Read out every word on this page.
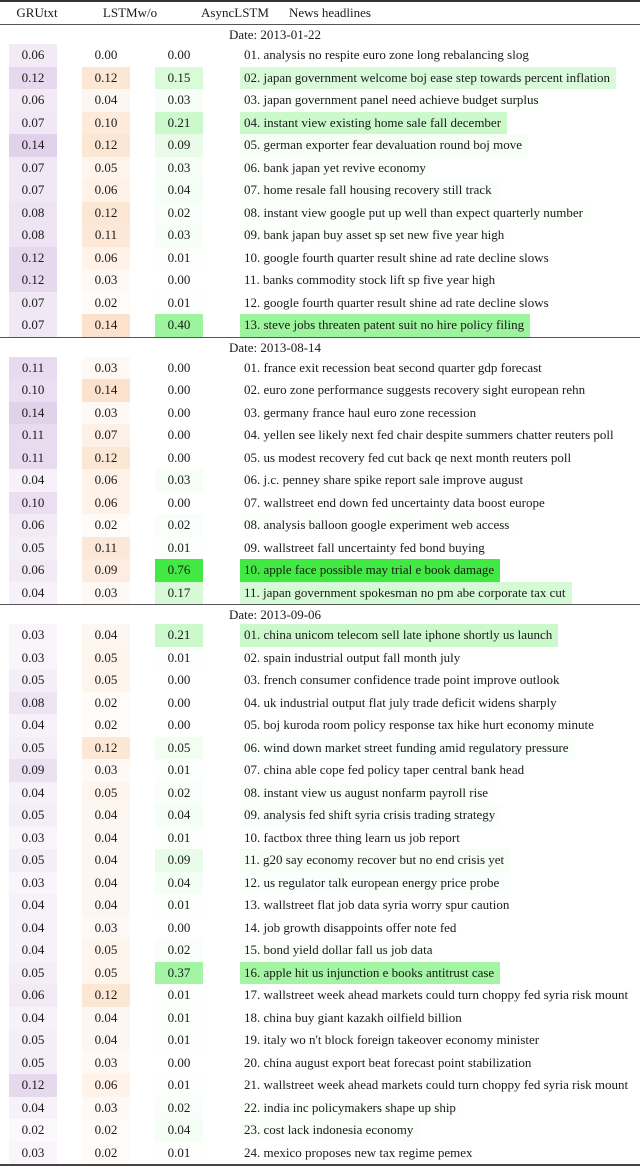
GRUtxt	LSTMw/o	AsyncLSTM	News headlines
Date: 2013-01-22
0.06	0.00	0.00	01. analysis no respite euro zone long rebalancing slog
0.12	0.12	0.15	02. japan government welcome boj ease step towards percent inflation
0.06	0.04	0.03	03. japan government panel need achieve budget surplus
0.07	0.10	0.21	04. instant view existing home sale fall december
0.14	0.12	0.09	05. german exporter fear devaluation round boj move
0.07	0.05	0.03	06. bank japan yet revive economy
0.07	0.06	0.04	07. home resale fall housing recovery still track
0.08	0.12	0.02	08. instant view google put up well than expect quarterly number
0.08	0.11	0.03	09. bank japan buy asset sp set new five year high
0.12	0.06	0.01	10. google fourth quarter result shine ad rate decline slows
0.12	0.03	0.00	11. banks commodity stock lift sp five year high
0.07	0.02	0.01	12. google fourth quarter result shine ad rate decline slows
0.07	0.14	0.40	13. steve jobs threaten patent suit no hire policy filing
Date: 2013-08-14
0.11	0.03	0.00	01. france exit recession beat second quarter gdp forecast
0.10	0.14	0.00	02. euro zone performance suggests recovery sight european rehn
0.14	0.03	0.00	03. germany france haul euro zone recession
0.11	0.07	0.00	04. yellen see likely next fed chair despite summers chatter reuters poll
0.11	0.12	0.00	05. us modest recovery fed cut back qe next month reuters poll
0.04	0.06	0.03	06. j.c. penney share spike report sale improve august
0.10	0.06	0.00	07. wallstreet end down fed uncertainty data boost europe
0.06	0.02	0.02	08. analysis balloon google experiment web access
0.05	0.11	0.01	09. wallstreet fall uncertainty fed bond buying
0.06	0.09	0.76	10. apple face possible may trial e book damage
0.04	0.03	0.17	11. japan government spokesman no pm abe corporate tax cut
Date: 2013-09-06
0.03	0.04	0.21	01. china unicom telecom sell late iphone shortly us launch
0.03	0.05	0.01	02. spain industrial output fall month july
0.05	0.05	0.00	03. french consumer confidence trade point improve outlook
0.08	0.02	0.00	04. uk industrial output flat july trade deficit widens sharply
0.04	0.02	0.00	05. boj kuroda room policy response tax hike hurt economy minute
0.05	0.12	0.05	06. wind down market street funding amid regulatory pressure
0.09	0.03	0.01	07. china able cope fed policy taper central bank head
0.04	0.05	0.02	08. instant view us august nonfarm payroll rise
0.05	0.04	0.04	09. analysis fed shift syria crisis trading strategy
0.03	0.04	0.01	10. factbox three thing learn us job report
0.05	0.04	0.09	11. g20 say economy recover but no end crisis yet
0.03	0.04	0.04	12. us regulator talk european energy price probe
0.04	0.04	0.01	13. wallstreet flat job data syria worry spur caution
0.04	0.03	0.00	14. job growth disappoints offer note fed
0.04	0.05	0.02	15. bond yield dollar fall us job data
0.05	0.05	0.37	16. apple hit us injunction e books antitrust case
0.06	0.12	0.01	17. wallstreet week ahead markets could turn choppy fed syria risk mount
0.04	0.04	0.01	18. china buy giant kazakh oilfield billion
0.05	0.04	0.01	19. italy wo n't block foreign takeover economy minister
0.05	0.03	0.00	20. china august export beat forecast point stabilization
0.12	0.06	0.01	21. wallstreet week ahead markets could turn choppy fed syria risk mount
0.04	0.03	0.02	22. india inc policymakers shape up ship
0.02	0.02	0.04	23. cost lack indonesia economy
0.03	0.02	0.01	24. mexico proposes new tax regime pemex
